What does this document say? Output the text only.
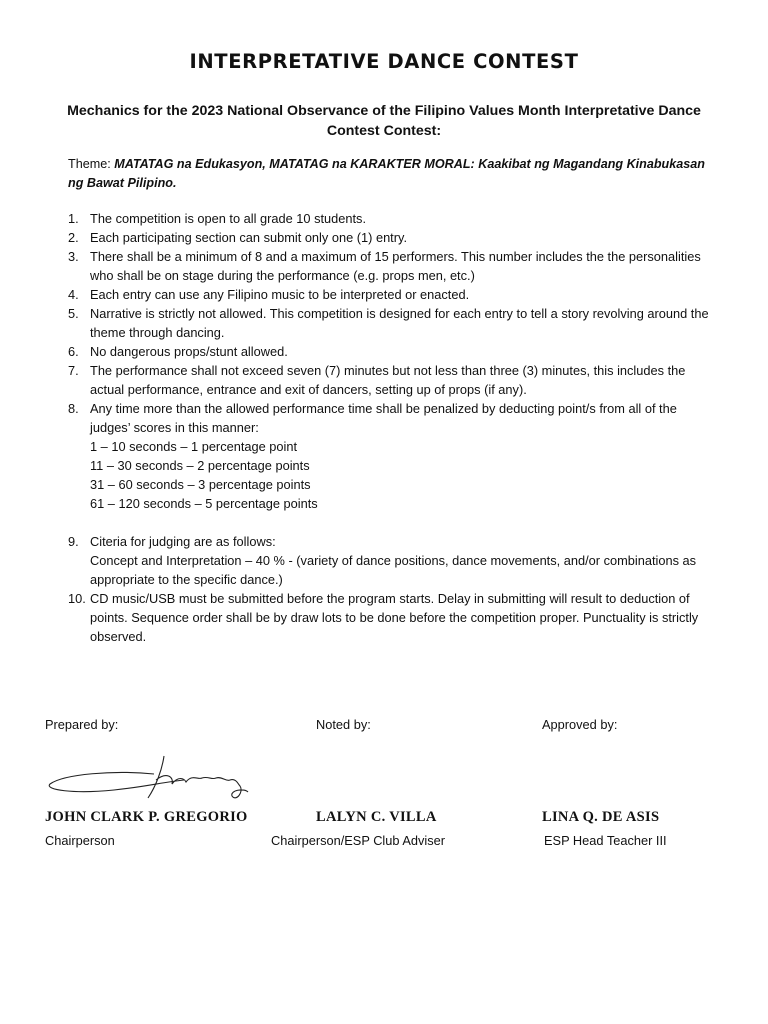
INTERPRETATIVE DANCE CONTEST
Mechanics for the 2023 National Observance of the Filipino Values Month Interpretative Dance Contest Contest:
Theme: MATATAG na Edukasyon, MATATAG na KARAKTER MORAL: Kaakibat ng Magandang Kinabukasan ng Bawat Pilipino.
1. The competition is open to all grade 10 students.
2. Each participating section can submit only one (1) entry.
3. There shall be a minimum of 8 and a maximum of 15 performers. This number includes the the personalities who shall be on stage during the performance (e.g. props men, etc.)
4. Each entry can use any Filipino music to be interpreted or enacted.
5. Narrative is strictly not allowed. This competition is designed for each entry to tell a story revolving around the theme through dancing.
6. No dangerous props/stunt allowed.
7. The performance shall not exceed seven (7) minutes but not less than three (3) minutes, this includes the actual performance, entrance and exit of dancers, setting up of props (if any).
8. Any time more than the allowed performance time shall be penalized by deducting point/s from all of the judges’ scores in this manner:
1 – 10 seconds – 1 percentage point
11 – 30 seconds – 2 percentage points
31 – 60 seconds – 3 percentage points
61 – 120 seconds – 5 percentage points
9. Citeria for judging are as follows:
Concept and Interpretation – 40 % - (variety of dance positions, dance movements, and/or combinations as appropriate to the specific dance.)
10. CD music/USB must be submitted before the program starts. Delay in submitting will result to deduction of points. Sequence order shall be by draw lots to be done before the competition proper. Punctuality is strictly observed.
Prepared by:	Noted by:	Approved by:
JOHN CLARK P. GREGORIO	LALYN C. VILLA	LINA Q. DE ASIS
Chairperson	Chairperson/ESP Club Adviser	ESP Head Teacher III
